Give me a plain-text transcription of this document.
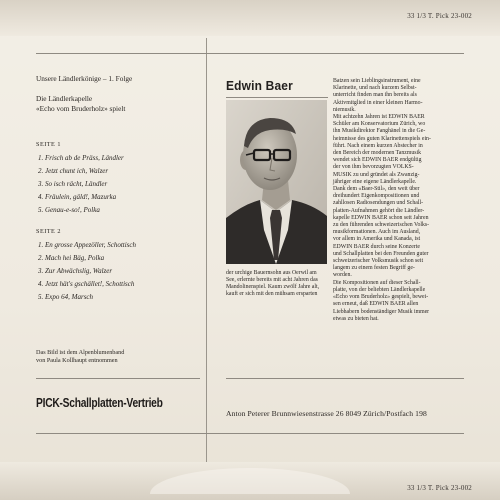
33 1/3 T. Pick 23-002
33 1/3 T. Pick 23-002
Unsere Ländlerkönige – 1. Folge
Die Ländlerkapelle
«Echo vom Bruderholz» spielt
SEITE 1
1. Frisch ab de Präss, Ländler
2. Jetzt chunt ich, Walzer
3. So isch rächt, Ländler
4. Fräulein, gäld!, Mazurka
5. Genau-e-so!, Polka
SEITE 2
1. En grosse Appezöller, Schottisch
2. Mach hei Bäg, Polka
3. Zur Abwächslig, Walzer
4. Jetzt hät's gschället!, Schottisch
5. Expo 64, Marsch
Das Bild ist dem Alpenblumenband
von Paula Kollhaupt entnommen
PICK-Schallplatten-Vertrieb
Edwin Baer
der urchige Bauernsohn aus Oerwil am
See, erlernte bereits mit acht Jahren das
Mandolinenspiel. Kaum zwölf Jahre alt,
kauft er sich mit den mühsam ersparten
Batzen sein Lieblingsinstrument, eine
Klarinette, und nach kurzem Selbst-
unterricht finden man ihn bereits als
Aktivmitglied in einer kleinen Harmo-
niemusik.
Mit achtzehn Jahren ist EDWIN BAER
Schüler am Konservatorium Zürich, wo
ihn Musikdirektor Fanghänel in die Ge-
heimnisse des guten Klarinettenspiels ein-
führt. Nach einem kurzen Abstecher in
den Bereich der modernen Tanzmusik
wendet sich EDWIN BAER endgültig
der von ihm bevorzugten VOLKS-
MUSIK zu und gründet als Zwanzig-
jähriger eine eigene Ländlerkapelle.
Dank dem «Baer-Stil», den weit über
dreihundert Eigenkompositionen und
zahllosen Radiosendungen und Schall-
platten-Aufnahmen gehört die Ländler-
kapelle EDWIN BAER schon seit Jahren
zu den führenden schweizerischen Volks-
musikformationen. Auch im Ausland,
vor allem in Amerika und Kanada, ist
EDWIN BAER durch seine Konzerte
und Schallplatten bei den Freunden guter
schweizerischer Volksmusik schon seit
langem zu einem festen Begriff ge-
worden.
Die Kompositionen auf dieser Schall-
platte, von der beliebten Ländlerkapelle
«Echo vom Bruderholz» gespielt, bewei-
sen erneut, daß EDWIN BAER allen
Liebhabern bodenständiger Musik immer
etwas zu bieten hat.
Anton Peterer Brunnwiesenstrasse 26 8049 Zürich/Postfach 198
